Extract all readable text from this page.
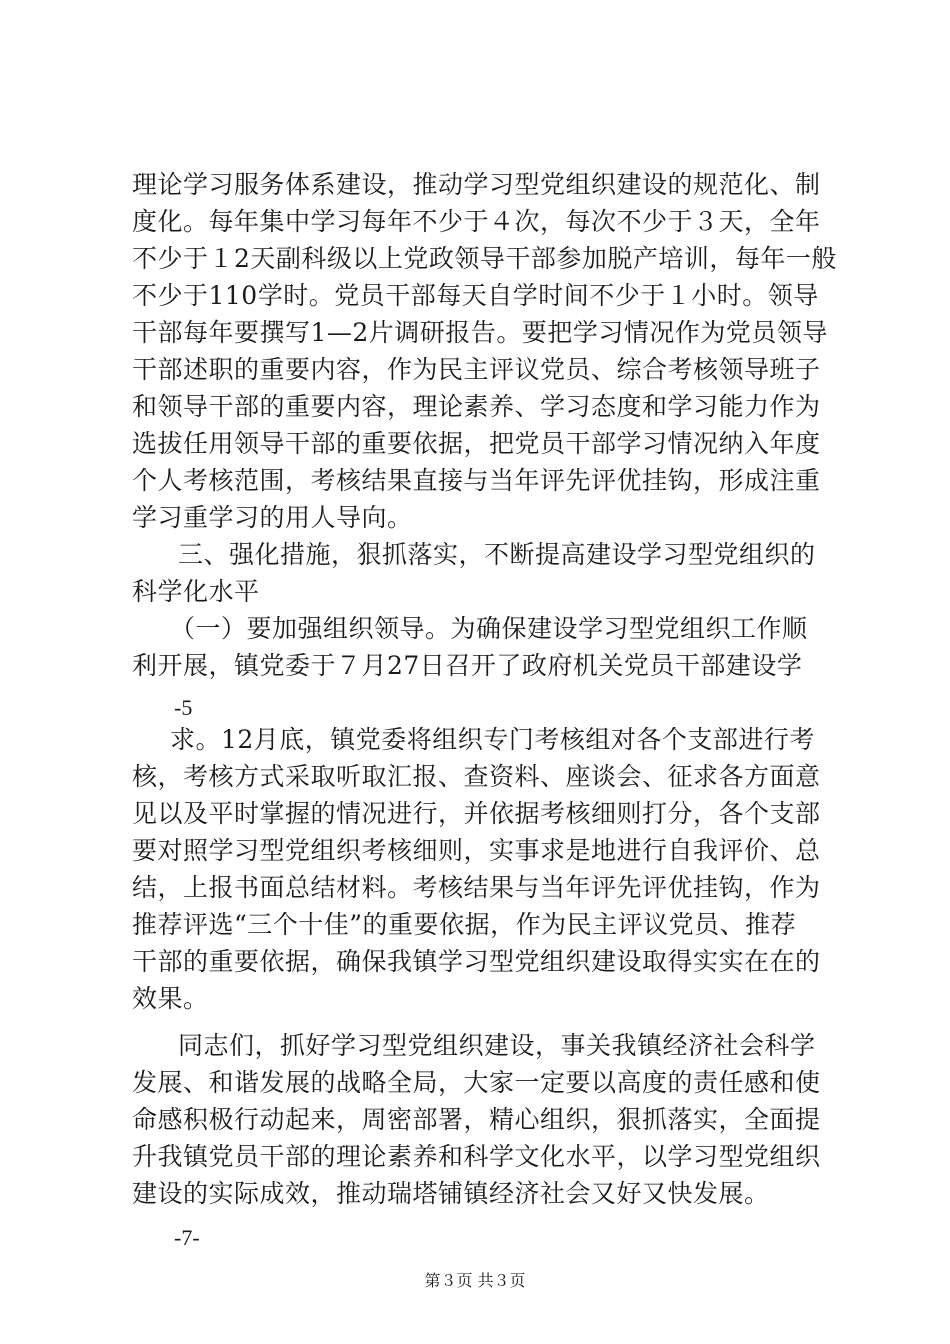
理论学习服务体系建设，推动学习型党组织建设的规范化、制
度化。每年集中学习每年不少于４次，每次不少于３天，全年
不少于１2天副科级以上党政领导干部参加脱产培训，每年一般
不少于110学时。党员干部每天自学时间不少于１小时。领导
干部每年要撰写1—2片调研报告。要把学习情况作为党员领导
干部述职的重要内容，作为民主评议党员、综合考核领导班子
和领导干部的重要内容，理论素养、学习态度和学习能力作为
选拔任用领导干部的重要依据，把党员干部学习情况纳入年度
个人考核范围，考核结果直接与当年评先评优挂钩，形成注重
学习重学习的用人导向。
三、强化措施，狠抓落实，不断提高建设学习型党组织的
科学化水平
（一）要加强组织领导。为确保建设学习型党组织工作顺
利开展，镇党委于７月27日召开了政府机关党员干部建设学
-5
求。12月底，镇党委将组织专门考核组对各个支部进行考
核，考核方式采取听取汇报、查资料、座谈会、征求各方面意
见以及平时掌握的情况进行，并依据考核细则打分，各个支部
要对照学习型党组织考核细则，实事求是地进行自我评价、总
结，上报书面总结材料。考核结果与当年评先评优挂钩，作为
推荐评选“三个十佳”的重要依据，作为民主评议党员、推荐
干部的重要依据，确保我镇学习型党组织建设取得实实在在的
效果。
同志们，抓好学习型党组织建设，事关我镇经济社会科学
发展、和谐发展的战略全局，大家一定要以高度的责任感和使
命感积极行动起来，周密部署，精心组织，狠抓落实，全面提
升我镇党员干部的理论素养和科学文化水平，以学习型党组织
建设的实际成效，推动瑞塔铺镇经济社会又好又快发展。
-7-
第３页 共３页
